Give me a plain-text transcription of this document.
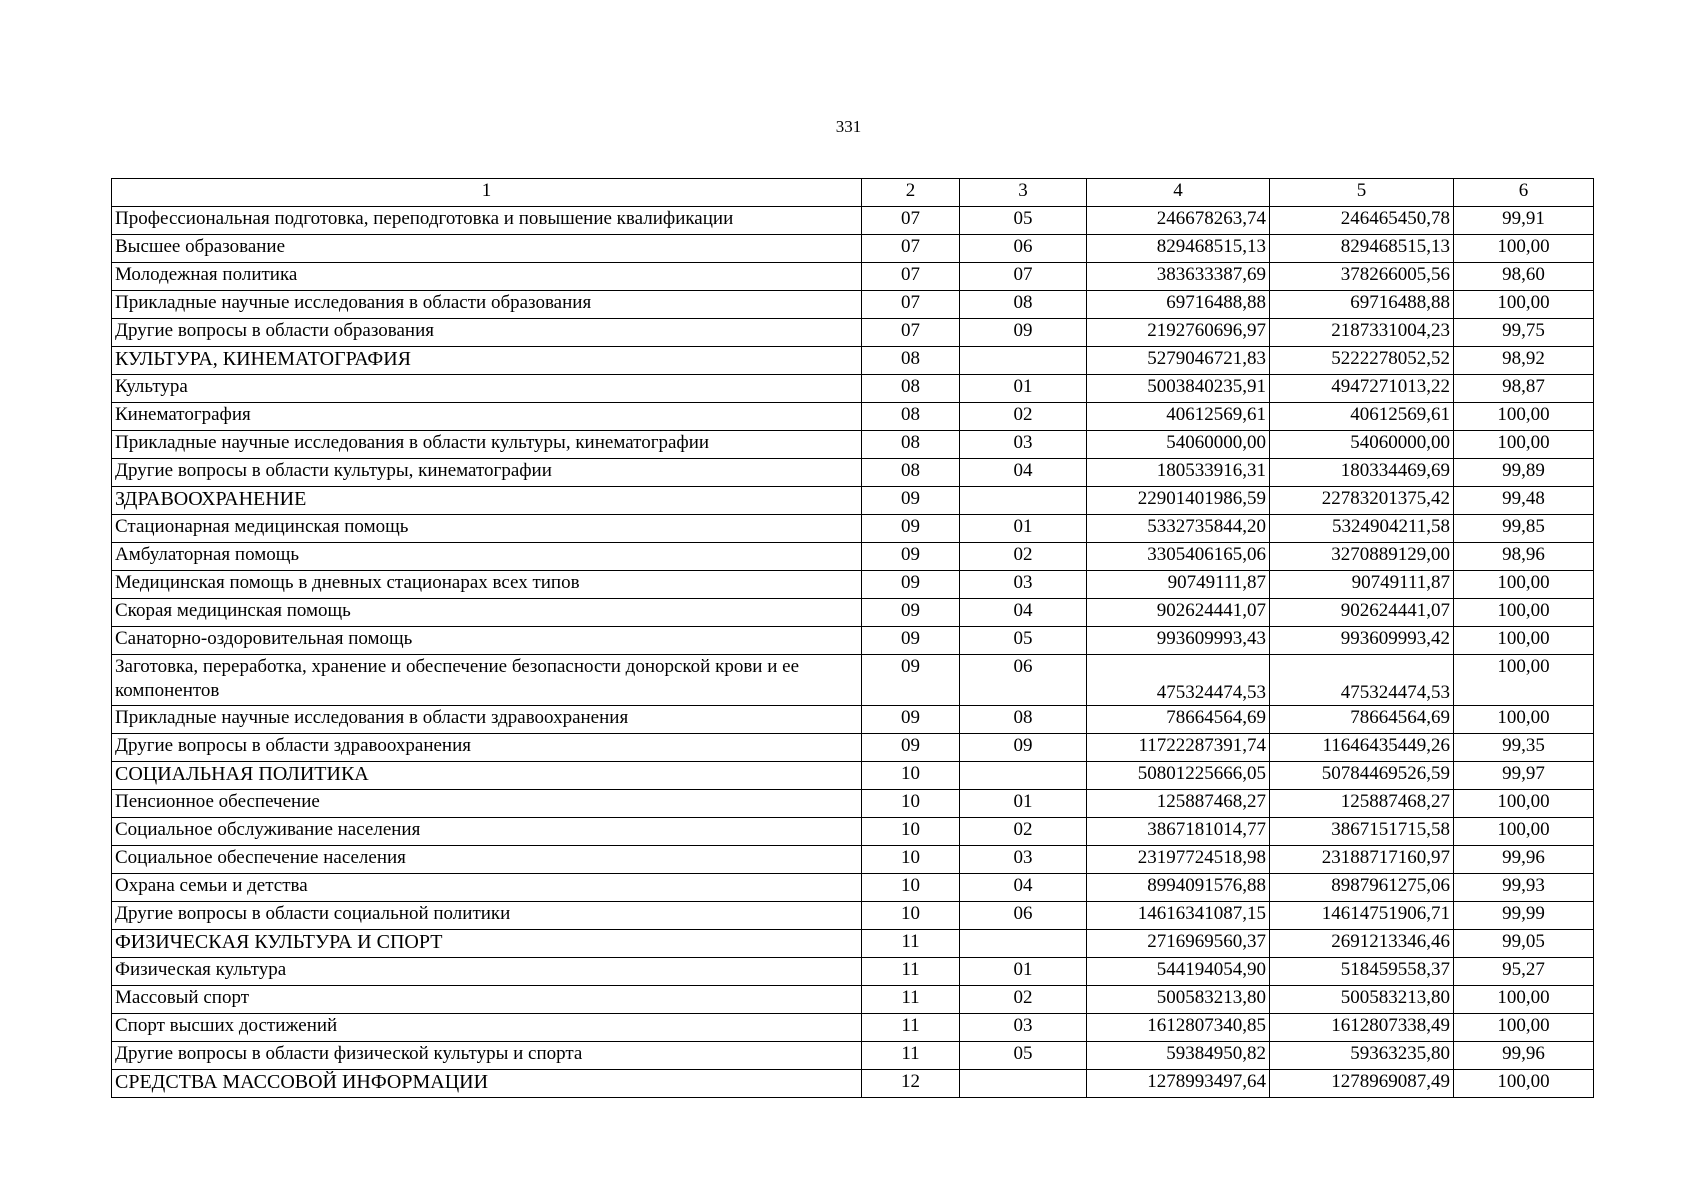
331
1	2	3	4	5	6
Профессиональная подготовка, переподготовка и повышение квалификации	07	05	246678263,74	246465450,78	99,91
Высшее образование	07	06	829468515,13	829468515,13	100,00
Молодежная политика	07	07	383633387,69	378266005,56	98,60
Прикладные научные исследования в области образования	07	08	69716488,88	69716488,88	100,00
Другие вопросы в области образования	07	09	2192760696,97	2187331004,23	99,75
КУЛЬТУРА, КИНЕМАТОГРАФИЯ	08		5279046721,83	5222278052,52	98,92
Культура	08	01	5003840235,91	4947271013,22	98,87
Кинематография	08	02	40612569,61	40612569,61	100,00
Прикладные научные исследования в области культуры, кинематографии	08	03	54060000,00	54060000,00	100,00
Другие вопросы в области культуры, кинематографии	08	04	180533916,31	180334469,69	99,89
ЗДРАВООХРАНЕНИЕ	09		22901401986,59	22783201375,42	99,48
Стационарная медицинская помощь	09	01	5332735844,20	5324904211,58	99,85
Амбулаторная помощь	09	02	3305406165,06	3270889129,00	98,96
Медицинская помощь в дневных стационарах всех типов	09	03	90749111,87	90749111,87	100,00
Скорая медицинская помощь	09	04	902624441,07	902624441,07	100,00
Санаторно-оздоровительная помощь	09	05	993609993,43	993609993,42	100,00
Заготовка, переработка, хранение и обеспечение безопасности донорской крови и ее компонентов	09	06	475324474,53	475324474,53	100,00
Прикладные научные исследования в области здравоохранения	09	08	78664564,69	78664564,69	100,00
Другие вопросы в области здравоохранения	09	09	11722287391,74	11646435449,26	99,35
СОЦИАЛЬНАЯ ПОЛИТИКА	10		50801225666,05	50784469526,59	99,97
Пенсионное обеспечение	10	01	125887468,27	125887468,27	100,00
Социальное обслуживание населения	10	02	3867181014,77	3867151715,58	100,00
Социальное обеспечение населения	10	03	23197724518,98	23188717160,97	99,96
Охрана семьи и детства	10	04	8994091576,88	8987961275,06	99,93
Другие вопросы в области социальной политики	10	06	14616341087,15	14614751906,71	99,99
ФИЗИЧЕСКАЯ КУЛЬТУРА И СПОРТ	11		2716969560,37	2691213346,46	99,05
Физическая культура	11	01	544194054,90	518459558,37	95,27
Массовый спорт	11	02	500583213,80	500583213,80	100,00
Спорт высших достижений	11	03	1612807340,85	1612807338,49	100,00
Другие вопросы в области физической культуры и спорта	11	05	59384950,82	59363235,80	99,96
СРЕДСТВА МАССОВОЙ ИНФОРМАЦИИ	12		1278993497,64	1278969087,49	100,00
